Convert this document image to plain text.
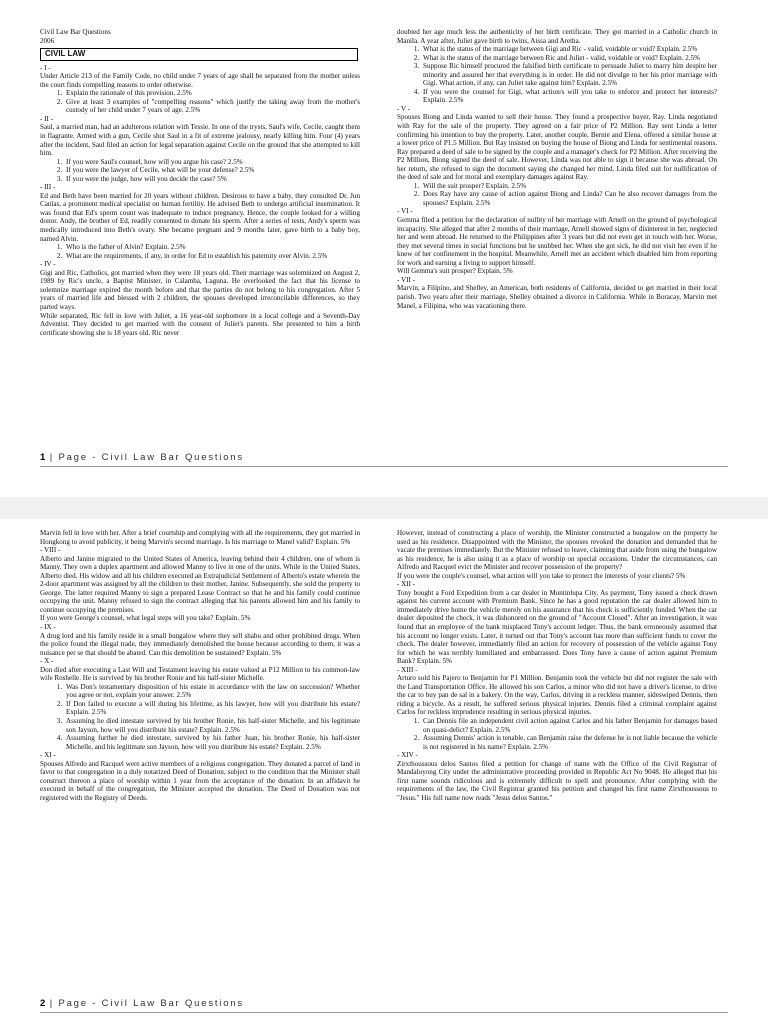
Civil Law Bar Questions
2006
CIVIL LAW

- I -

Under Article 213 of the Family Code, no child under 7 years of age shall be separated from the mother unless the court finds compelling reasons to order otherwise.

1. Explain the rationale of this provision. 2.5%
2. Give at least 3 examples of "compelling reasons" which justify the taking away from the mother's custody of her child under 7 years of age. 2.5%

- II -

Saul, a married man, had an adulterous relation with Tessie. In one of the trysts, Saul's wife, Cecile, caught them in flagrante. Armed with a gun, Cecile shot Saul in a fit of extreme jealousy, nearly killing him. Four (4) years after the incident, Saul filed an action for legal separation against Cecile on the ground that she attempted to kill him.

1. If you were Saul's counsel, how will you argue his case? 2.5%
2. If you were the lawyer of Cecile, what will be your defense? 2.5%
3. If you were the judge, how will you decide the case? 5%

- III -

Ed and Beth have been married for 20 years without children. Desirous to have a baby, they consulted Dr. Jun Canlas, a prominent medical specialist on human fertility. He advised Beth to undergo artificial insemination. It was found that Ed's sperm count was inadequate to induce pregnancy. Hence, the couple looked for a willing donor. Andy, the brother of Ed, readily consented to donate his sperm. After a series of tests, Andy's sperm was medically introduced into Beth's ovary. She became pregnant and 9 months later, gave birth to a baby boy, named Alvin.

1. Who is the father of Alvin? Explain. 2.5%
2. What are the requirements, if any, in order for Ed to establish his paternity over Alvin. 2.5%

- IV -

Gigi and Ric, Catholics, got married when they were 18 years old. Their marriage was solemnized on August 2, 1989 by Ric's uncle, a Baptist Minister, in Calamba, Laguna. He overlooked the fact that his license to solemnize marriage expired the month before and that the parties do not belong to his congregation. After 5 years of married life and blessed with 2 children, the spouses developed irreconcilable differences, so they parted ways.

While separated, Ric fell in love with Juliet, a 16 year-old sophomore in a local college and a Seventh-Day Adventist. They decided to get married with the consent of Juliet's parents. She presented to him a birth certificate showing she is 18 years old. Ric never

doubted her age much less the authenticity of her birth certificate. They got married in a Catholic church in Manila. A year after, Juliet gave birth to twins, Aissa and Aretha.

1. What is the status of the marriage between Gigi and Ric - valid, voidable or void? Explain. 2.5%
2. What is the status of the marriage between Ric and Juliet - valid, voidable or void? Explain. 2.5%
3. Suppose Ric himself procured the falsified birth certificate to persuade Juliet to marry him despite her minority and assured her that everything is in order. He did not divulge to her his prior marriage with Gigi. What action, if any, can Juliet take against him? Explain. 2.5%
4. If you were the counsel for Gigi, what action/s will you take to enforce and protect her interests? Explain. 2.5%

- V -

Spouses Biong and Linda wanted to sell their house. They found a prospective buyer, Ray. Linda negotiated with Ray for the sale of the property. They agreed on a fair price of P2 Million. Ray sent Linda a letter confirming his intention to buy the property. Later, another couple, Bernie and Elena, offered a similar house at a lower price of P1.5 Million. But Ray insisted on buying the house of Biong and Linda for sentimental reasons. Ray prepared a deed of sale to be signed by the couple and a manager's check for P2 Million. After receiving the P2 Million, Biong signed the deed of sale. However, Linda was not able to sign it because she was abroad. On her return, she refused to sign the document saying she changed her mind. Linda filed suit for nullification of the deed of sale and for moral and exemplary damages against Ray.

1. Will the suit prosper? Explain. 2.5%
2. Does Ray have any cause of action against Biong and Linda? Can he also recover damages from the spouses? Explain. 2.5%

- VI -

Gemma filed a petition for the declaration of nullity of her marriage with Arnell on the ground of psychological incapacity. She alleged that after 2 months of their marriage, Arnell showed signs of disinterest in her, neglected her and went abroad. He returned to the Philippines after 3 years but did not even get in touch with her. Worse, they met several times in social functions but he snubbed her. When she got sick, he did not visit her even if he knew of her confinement in the hospital. Meanwhile, Arnell met an accident which disabled him from reporting for work and earning a living to support himself.

Will Gemma's suit prosper? Explain. 5%

- VII -

Marvin, a Filipino, and Shelley, an American, both residents of California, decided to get married in their local parish. Two years after their marriage, Shelley obtained a divorce in California. While in Boracay, Marvin met Manel, a Filipina, who was vacationing there.

1 | Page - Civil Law Bar Questions

Marvin fell in love with her. After a brief courtship and complying with all the requirements, they got married in Hongkong to avoid publicity, it being Marvin's second marriage. Is his marriage to Manel valid? Explain. 5%

- VIII -

Alberto and Janine migrated to the United States of America, leaving behind their 4 children, one of whom is Manny. They own a duplex apartment and allowed Manny to live in one of the units. While in the United States, Alberto died. His widow and all his children executed an Extrajudicial Settlement of Alberto's estate wherein the 2-door apartment was assigned by all the children to their mother, Janine. Subsequently, she sold the property to George. The latter required Manny to sign a prepared Lease Contract so that he and his family could continue occupying the unit. Manny refused to sign the contract alleging that his parents allowed him and his family to continue occupying the premises.

If you were George's counsel, what legal steps will you take? Explain. 5%

- IX -

A drug lord and his family reside in a small bungalow where they sell shabu and other prohibited drugs. When the police found the illegal trade, they immediately demolished the house because according to them, it was a nuisance per se that should be abated. Can this demolition be sustained? Explain. 5%

- X -

Don died after executing a Last Will and Testament leaving his estate valued at P12 Million to his common-law wife Roshelle. He is survived by his brother Ronie and his half-sister Michelle.

1. Was Don's testamentary disposition of his estate in accordance with the law on succession? Whether you agree or not, explain your answer. 2.5%
2. If Don failed to execute a will during his lifetime, as his lawyer, how will you distribute his estate? Explain. 2.5%
3. Assuming he died intestate survived by his brother Ronie, his half-sister Michelle, and his legitimate son Jayson, how will you distribute his estate? Explain. 2.5%
4. Assuming further he died intestate, survived by his father Juan, his brother Ronie, his half-sister Michelle, and his legitimate son Jayson, how will you distribute his estate? Explain. 2.5%

- XI -

Spouses Alfredo and Racquel were active members of a religious congregation. They donated a parcel of land in favor to that congregation in a duly notarized Deed of Donation, subject to the condition that the Minister shall construct thereon a place of worship within 1 year from the acceptance of the donation. In an affidavit he executed in behalf of the congregation, the Minister accepted the donation. The Deed of Donation was not registered with the Registry of Deeds.

However, instead of constructing a place of worship, the Minister constructed a bungalow on the property he used as his residence. Disappointed with the Minister, the spouses revoked the donation and demanded that he vacate the premises immediately. But the Minister refused to leave, claiming that aside from using the bungalow as his residence, he is also using it as a place of worship on special occasions. Under the circumstances, can Alfredo and Racquel evict the Minister and recover possession of the property?

If you were the couple's counsel, what action will you take to protect the interests of your clients? 5%

- XII -

Tony bought a Ford Expedition from a car dealer in Muntinlupa City. As payment, Tony issued a check drawn against his current account with Premium Bank. Since he has a good reputation the car dealer allowed him to immediately drive home the vehicle merely on his assurance that his check is sufficiently funded. When the car dealer deposited the check, it was dishonored on the ground of "Account Closed". After an investigation, it was found that an employee of the bank misplaced Tony's account ledger. Thus, the bank erroneously assumed that his account no longer exists. Later, it turned out that Tony's account has more than sufficient funds to cover the check. The dealer however, immediately filed an action for recovery of possession of the vehicle against Tony for which he was terribly humiliated and embarrassed. Does Tony have a cause of action against Premium Bank? Explain. 5%

- XIII -

Arturo sold his Pajero to Benjamin for P1 Million. Benjamin took the vehicle but did not register the sale with the Land Transportation Office. He allowed his son Carlos, a minor who did not have a driver's license, to drive the car to buy pan de sal in a bakery. On the way, Carlos, driving in a reckless manner, sideswiped Dennis, then riding a bicycle. As a result, he suffered serious physical injuries. Dennis filed a criminal complaint against Carlos for reckless imprudence resulting in serious physical injuries.

1. Can Dennis file an independent civil action against Carlos and his father Benjamin for damages based on quasi-delict? Explain. 2.5%
2. Assuming Dennis' action is tenable, can Benjamin raise the defense he is not liable because the vehicle is not registered in his name? Explain. 2.5%

- XIV -

Zirxthoussous delos Santos filed a petition for change of name with the Office of the Civil Registrar of Mandaluyong City under the administrative proceeding provided in Republic Act No 9048. He alleged that his first name sounds ridiculous and is extremely difficult to spell and pronounce. After complying with the requirements of the law, the Civil Registrar granted his petition and changed his first name Zirxthoussous to "Jesus." His full name now reads "Jesus delos Santos."

2 | Page - Civil Law Bar Questions
